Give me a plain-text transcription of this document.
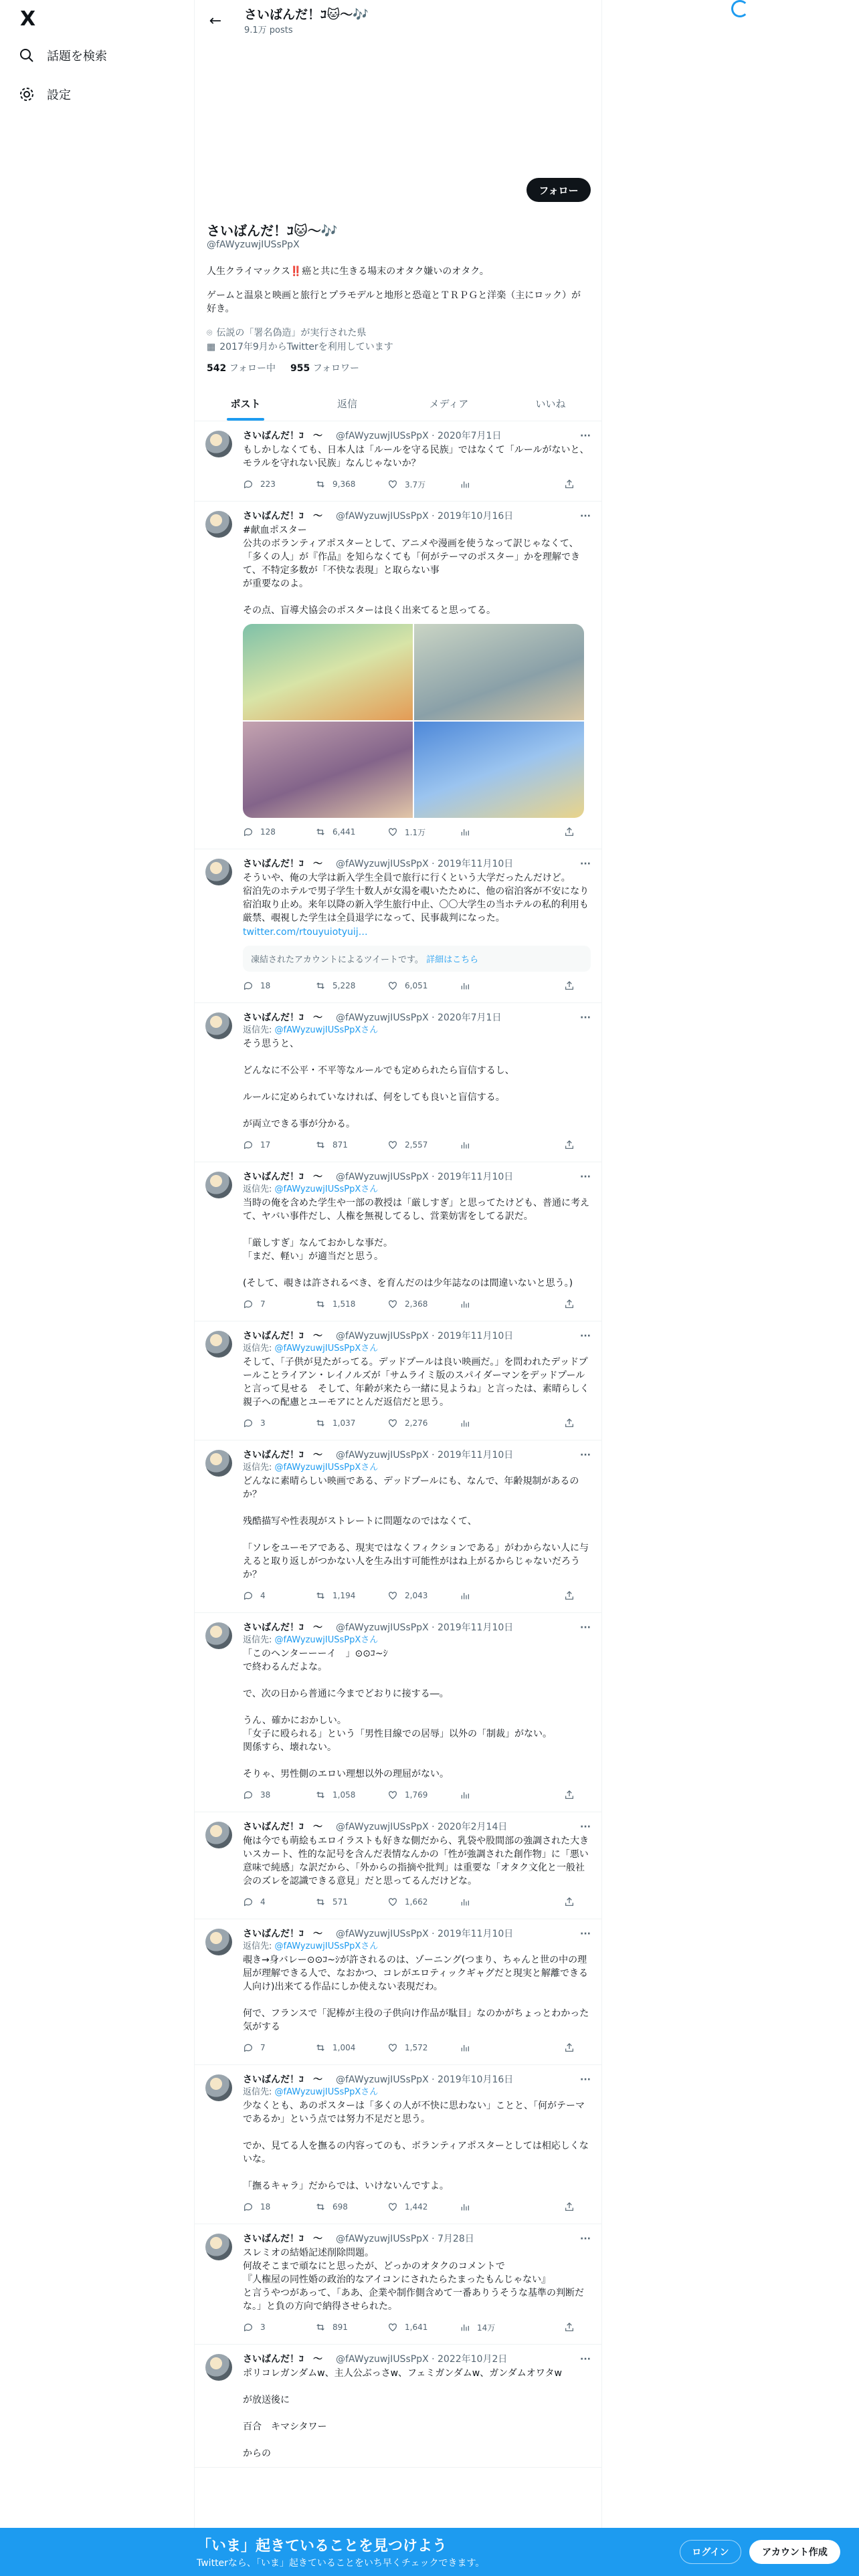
X
話題を検索
設定
←	さいばんだ！ｺ🐱〜🎶
9.1万 posts
フォロー
さいばんだ！ｺ🐱〜🎶
@fAWyzuwjIUSsPpX
人生クライマックス‼️癌と共に生きる場末のオタク嫌いのオタク。
ゲームと温泉と映画と旅行とプラモデルと地形と恐竜とＴＲＰＧと洋楽（主にロック）が好き。
⌾ 伝説の「署名偽造」が実行された県
▦ 2017年9月からTwitterを利用しています
542 フォロー中 955 フォロワー
ポスト	返信	メディア	いいね
さいばんだ！ｺ　〜 @fAWyzuwjIUSsPpX · 2020年7月1日	···
もしかしなくても、日本人は「ルールを守る民族」ではなくて「ルールがないと、モラルを守れない民族」なんじゃないか？
223	9,368	3.7万
さいばんだ！ｺ　〜 @fAWyzuwjIUSsPpX · 2019年10月16日	···
#献血ポスター
公共のボランティアポスターとして、アニメや漫画を使うなって訳じゃなくて、
「多くの人」が『作品』を知らなくても「何がテーマのポスター」かを理解できて、不特定多数が「不快な表現」と取らない事
が重要なのよ。

その点、盲導犬協会のポスターは良く出来てると思ってる。
128	6,441	1.1万
さいばんだ！ｺ　〜 @fAWyzuwjIUSsPpX · 2019年11月10日	···
そういや、俺の大学は新入学生全員で旅行に行くという大学だったんだけど。
宿泊先のホテルで男子学生十数人が女湯を覗いたために、他の宿泊客が不安になり宿泊取り止め。来年以降の新入学生旅行中止、〇〇大学生の当ホテルの私的利用も厳禁、覗視した学生は全員退学になって、民事裁判になった。
twitter.com/rtouyuiotyuij…
凍結されたアカウントによるツイートです。 詳細はこちら
18	5,228	6,051
さいばんだ！ｺ　〜 @fAWyzuwjIUSsPpX · 2020年7月1日	···
返信先: @fAWyzuwjIUSsPpXさん
そう思うと、

どんなに不公平・不平等なルールでも定められたら盲信するし、

ルールに定められていなければ、何をしても良いと盲信する。

が両立できる事が分かる。
17	871	2,557
さいばんだ！ｺ　〜 @fAWyzuwjIUSsPpX · 2019年11月10日	···
返信先: @fAWyzuwjIUSsPpXさん
当時の俺を含めた学生や一部の教授は「厳しすぎ」と思ってたけども、普通に考えて、ヤバい事件だし、人権を無視してるし、営業妨害をしてる訳だ。

「厳しすぎ」なんておかしな事だ。
「まだ、軽い」が適当だと思う。

(そして、覗きは許されるべき、を育んだのは少年誌なのは間違いないと思う。)
7	1,518	2,368
さいばんだ！ｺ　〜 @fAWyzuwjIUSsPpX · 2019年11月10日	···
返信先: @fAWyzuwjIUSsPpXさん
そして、「子供が見たがってる。デッドプールは良い映画だ。」を問われたデッドプールことライアン・レイノルズが「サムライミ版のスパイダーマンをデッドプールと言って見せる　そして、年齢が来たら一緒に見ようね」と言ったは、素晴らしく親子への配慮とユーモアにとんだ返信だと思う。
3	1,037	2,276
さいばんだ！ｺ　〜 @fAWyzuwjIUSsPpX · 2019年11月10日	···
返信先: @fAWyzuwjIUSsPpXさん
どんなに素晴らしい映画である、デッドプールにも、なんで、年齢規制があるのか？

残酷描写や性表現がストレートに問題なのではなくて、

「ソレをユーモアである、現実ではなくフィクションである」がわからない人に与えると取り返しがつかない人を生み出す可能性がはね上がるからじゃないだろうか？
4	1,194	2,043
さいばんだ！ｺ　〜 @fAWyzuwjIUSsPpX · 2019年11月10日	···
返信先: @fAWyzuwjIUSsPpXさん
「このヘンターーーイ　」⊙⊙ｺ~ｼ
で終わるんだよな。

で、次の日から普通に今までどおりに接する―。

うん、確かにおかしい。
「女子に殴られる」という「男性目線での居辱」以外の「制裁」がない。
関係すら、壊れない。

そりゃ、男性側のエロい理想以外の理屈がない。
38	1,058	1,769
さいばんだ！ｺ　〜 @fAWyzuwjIUSsPpX · 2020年2月14日	···
俺は今でも萌絵もエロイラストも好きな側だから、乳袋や股間部の強調された大きいスカート、性的な記号を含んだ表情なんかの「性が強調された創作物」に「悪い意味で純感」な訳だから、「外からの指摘や批判」は重要な「オタク文化と一般社会のズレを認識できる意見」だと思ってるんだけどな。
4	571	1,662
さいばんだ！ｺ　〜 @fAWyzuwjIUSsPpX · 2019年11月10日	···
返信先: @fAWyzuwjIUSsPpXさん
覗き→身バレー⊙⊙ｺ~ｼが許されるのは、ゾーニング(つまり、ちゃんと世の中の理屈が理解できる人で、なおかつ、コレがエロティックギャグだと現実と解離できる人向け)出来てる作品にしか使えない表現だわ。

何で、フランスで「泥棒が主役の子供向け作品が駄目」なのかがちょっとわかった気がする
7	1,004	1,572
さいばんだ！ｺ　〜 @fAWyzuwjIUSsPpX · 2019年10月16日	···
返信先: @fAWyzuwjIUSsPpXさん
少なくとも、あのポスターは「多くの人が不快に思わない」ことと、「何がテーマであるか」という点では努力不足だと思う。

でか、見てる人を撫るの内容ってのも、ボランティアポスターとしては相応しくないな。

「撫るキャラ」だからでは、いけないんですよ。
18	698	1,442
さいばんだ！ｺ　〜 @fAWyzuwjIUSsPpX · 7月28日	···
スレミオの結婚記述削除問題。
何故そこまで頑なにと思ったが、どっかのオタクのコメントで
『人権屋の同性婚の政治的なアイコンにされたらたまったもんじゃない』
と言うやつがあって、「ああ、企業や制作側含めて一番ありうそうな基準の判断だな。」と負の方向で納得させられた。
3	891	1,641	14万
さいばんだ！ｺ　〜 @fAWyzuwjIUSsPpX · 2022年10月2日	···
ポリコレガンダムw、主人公ぶっさw、フェミガンダムw、ガンダムオワタw

が放送後に

百合　キマシタワー

からの
「いま」起きていることを見つけよう
Twitterなら、「いま」起きていることをいち早くチェックできます。
ログイン	アカウント作成
